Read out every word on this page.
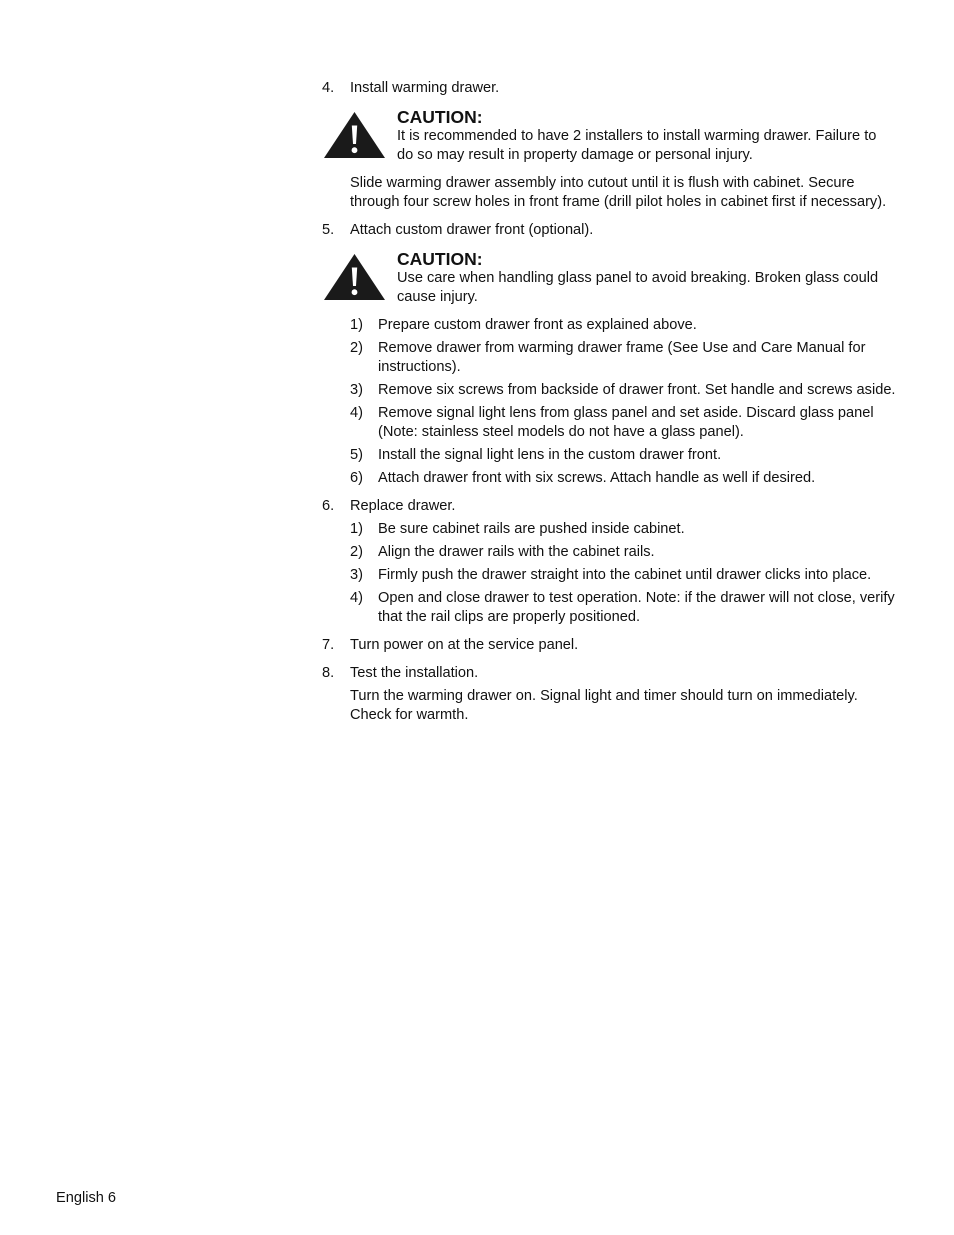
4. Install warming drawer.
CAUTION:
It is recommended to have 2 installers to install warming drawer. Failure to do so may result in property damage or personal injury.
Slide warming drawer assembly into cutout until it is flush with cabinet. Secure through four screw holes in front frame (drill pilot holes in cabinet first if necessary).
5. Attach custom drawer front (optional).
CAUTION:
Use care when handling glass panel to avoid breaking. Broken glass could cause injury.
1) Prepare custom drawer front as explained above.
2) Remove drawer from warming drawer frame (See Use and Care Manual for instructions).
3) Remove six screws from backside of drawer front. Set handle and screws aside.
4) Remove signal light lens from glass panel and set aside. Discard glass panel (Note: stainless steel models do not have a glass panel).
5) Install the signal light lens in the custom drawer front.
6) Attach drawer front with six screws. Attach handle as well if desired.
6. Replace drawer.
1) Be sure cabinet rails are pushed inside cabinet.
2) Align the drawer rails with the cabinet rails.
3) Firmly push the drawer straight into the cabinet until drawer clicks into place.
4) Open and close drawer to test operation. Note: if the drawer will not close, verify that the rail clips are properly positioned.
7. Turn power on at the service panel.
8. Test the installation.
Turn the warming drawer on. Signal light and timer should turn on immediately. Check for warmth.
English 6
